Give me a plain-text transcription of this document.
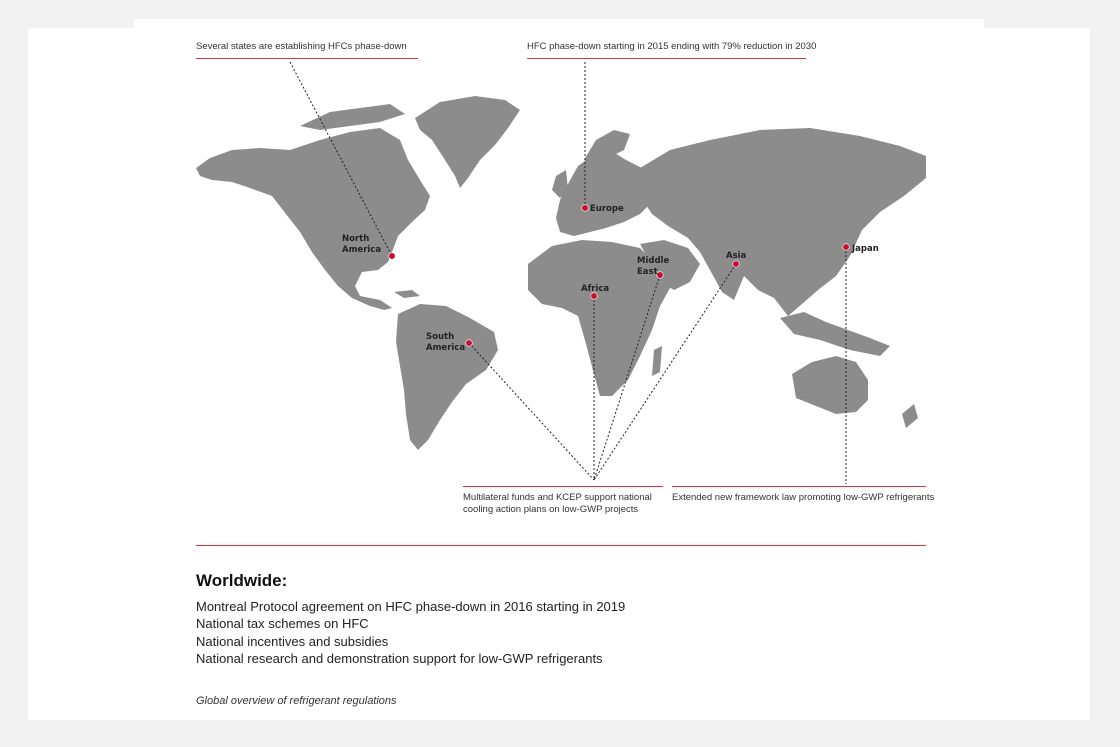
Several states are establishing HFCs phase-down	HFC phase-down starting in 2015 ending with 79% reduction in 2030
North
America
Europe
South
America
Africa
Middle
East
Asia
Japan
Multilateral funds and KCEP support national
cooling action plans on low-GWP projects
Extended new framework law promoting low-GWP refrigerants
Worldwide:
Montreal Protocol agreement on HFC phase-down in 2016 starting in 2019
National tax schemes on HFC
National incentives and subsidies
National research and demonstration support for low-GWP refrigerants
Global overview of refrigerant regulations
